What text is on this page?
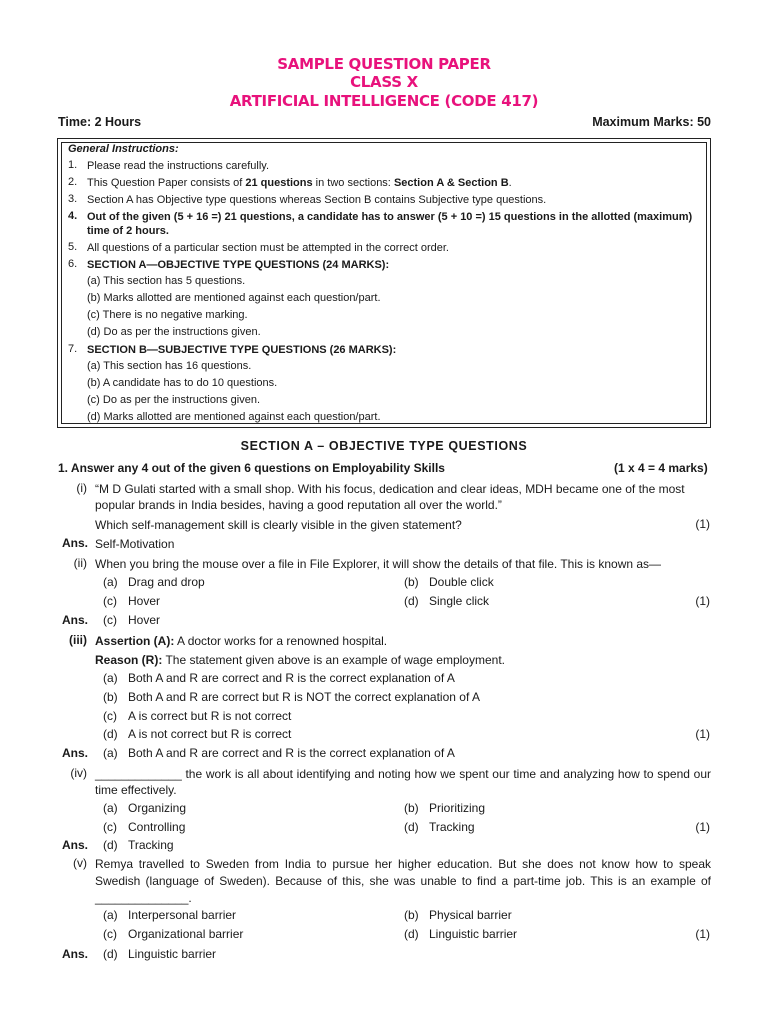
SAMPLE QUESTION PAPER
CLASS X
ARTIFICIAL INTELLIGENCE (CODE 417)
Time: 2 Hours	Maximum Marks: 50
General Instructions:
1. Please read the instructions carefully.
2. This Question Paper consists of 21 questions in two sections: Section A & Section B.
3. Section A has Objective type questions whereas Section B contains Subjective type questions.
4. Out of the given (5 + 16 =) 21 questions, a candidate has to answer (5 + 10 =) 15 questions in the allotted (maximum) time of 2 hours.
5. All questions of a particular section must be attempted in the correct order.
6. SECTION A—OBJECTIVE TYPE QUESTIONS (24 MARKS):
(a) This section has 5 questions.
(b) Marks allotted are mentioned against each question/part.
(c) There is no negative marking.
(d) Do as per the instructions given.
7. SECTION B—SUBJECTIVE TYPE QUESTIONS (26 MARKS):
(a) This section has 16 questions.
(b) A candidate has to do 10 questions.
(c) Do as per the instructions given.
(d) Marks allotted are mentioned against each question/part.
SECTION A – OBJECTIVE TYPE QUESTIONS
1. Answer any 4 out of the given 6 questions on Employability Skills	(1 x 4 = 4 marks)
(i) “M D Gulati started with a small shop. With his focus, dedication and clear ideas, MDH became one of the most popular brands in India besides, having a good reputation all over the world.”
Which self-management skill is clearly visible in the given statement?	(1)
Ans. Self-Motivation
(ii) When you bring the mouse over a file in File Explorer, it will show the details of that file. This is known as—
(a) Drag and drop	(b) Double click
(c) Hover	(d) Single click	(1)
Ans. (c) Hover
(iii) Assertion (A): A doctor works for a renowned hospital.
Reason (R): The statement given above is an example of wage employment.
(a) Both A and R are correct and R is the correct explanation of A
(b) Both A and R are correct but R is NOT the correct explanation of A
(c) A is correct but R is not correct
(d) A is not correct but R is correct	(1)
Ans. (a) Both A and R are correct and R is the correct explanation of A
(iv) _____________ the work is all about identifying and noting how we spent our time and analyzing how to spend our time effectively.
(a) Organizing	(b) Prioritizing
(c) Controlling	(d) Tracking	(1)
Ans. (d) Tracking
(v) Remya travelled to Sweden from India to pursue her higher education. But she does not know how to speak Swedish (language of Sweden). Because of this, she was unable to find a part-time job. This is an example of ______________.
(a) Interpersonal barrier	(b) Physical barrier
(c) Organizational barrier	(d) Linguistic barrier	(1)
Ans. (d) Linguistic barrier
